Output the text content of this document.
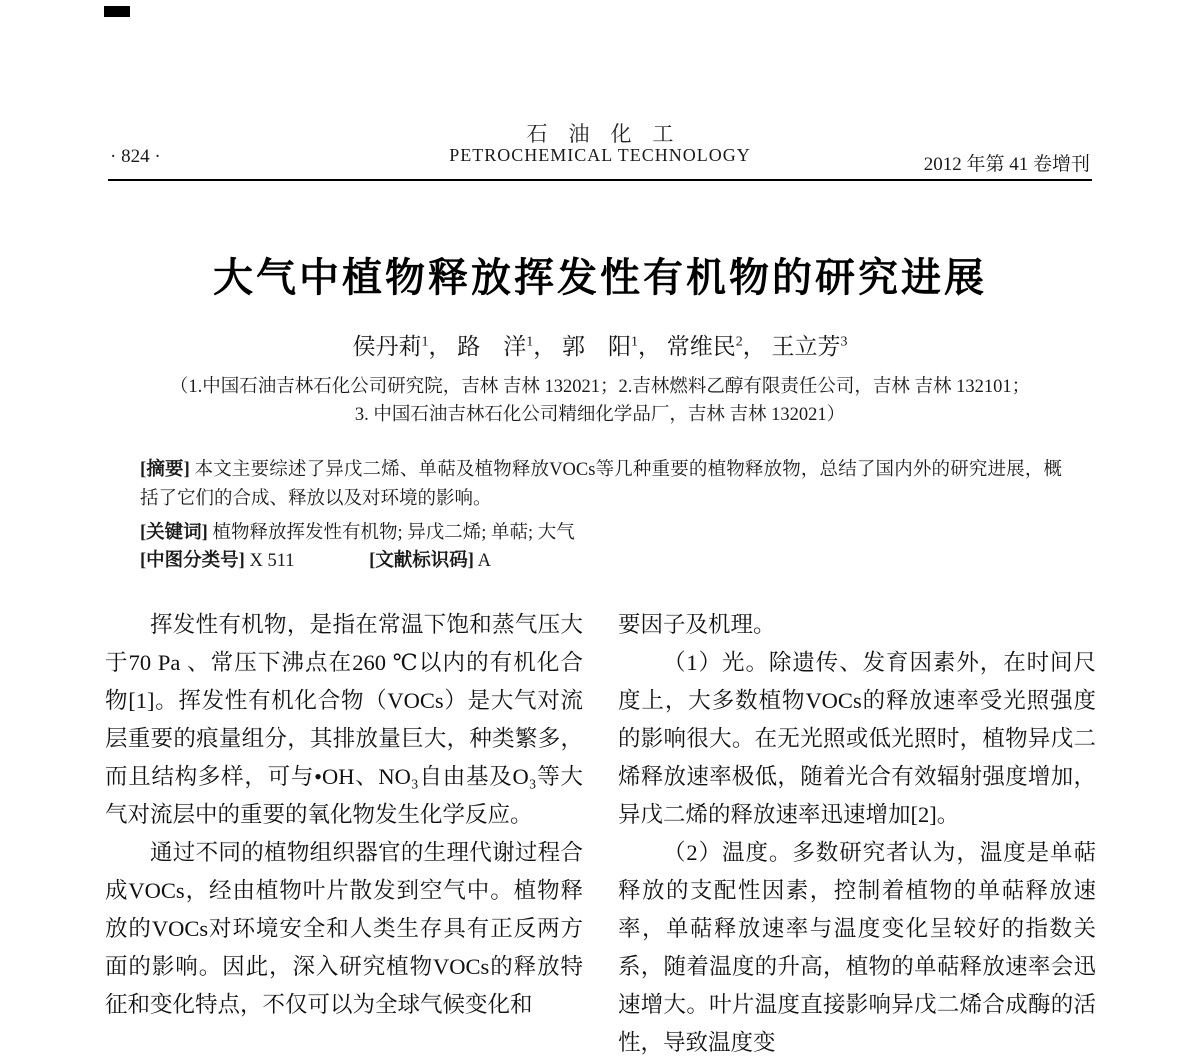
石　油　化　工
PETROCHEMICAL TECHNOLOGY
· 824 ·	2012 年第 41 卷增刊
大气中植物释放挥发性有机物的研究进展
侯丹莉$^1$， 路　洋$^1$， 郭　阳$^1$， 常维民$^2$， 王立芳$^3$
（1.中国石油吉林石化公司研究院，吉林 吉林 132021；2.吉林燃料乙醇有限责任公司，吉林 吉林 132101；
3. 中国石油吉林石化公司精细化学品厂，吉林 吉林 132021）
[摘要] 本文主要综述了异戊二烯、单萜及植物释放VOCs等几种重要的植物释放物，总结了国内外的研究进展，概括了它们的合成、释放以及对环境的影响。
[关键词] 植物释放挥发性有机物; 异戊二烯; 单萜; 大气
[中图分类号] X 511	[文献标识码] A

挥发性有机物，是指在常温下饱和蒸气压大于70 Pa 、常压下沸点在260 ℃以内的有机化合物[1]。挥发性有机化合物（VOCs）是大气对流层重要的痕量组分，其排放量巨大，种类繁多，而且结构多样，可与•OH、NO₃自由基及O₃等大气对流层中的重要的氧化物发生化学反应。

通过不同的植物组织器官的生理代谢过程合成VOCs，经由植物叶片散发到空气中。植物释放的VOCs对环境安全和人类生存具有正反两方面的影响。因此，深入研究植物VOCs的释放特征和变化特点，不仅可以为全球气候变化和

要因子及机理。

（1）光。除遗传、发育因素外，在时间尺度上，大多数植物VOCs的释放速率受光照强度的影响很大。在无光照或低光照时，植物异戊二烯释放速率极低，随着光合有效辐射强度增加，异戊二烯的释放速率迅速增加[2]。

（2）温度。多数研究者认为，温度是单萜释放的支配性因素，控制着植物的单萜释放速率，单萜释放速率与温度变化呈较好的指数关系，随着温度的升高，植物的单萜释放速率会迅速增大。叶片温度直接影响异戊二烯合成酶的活性，导致温度变
